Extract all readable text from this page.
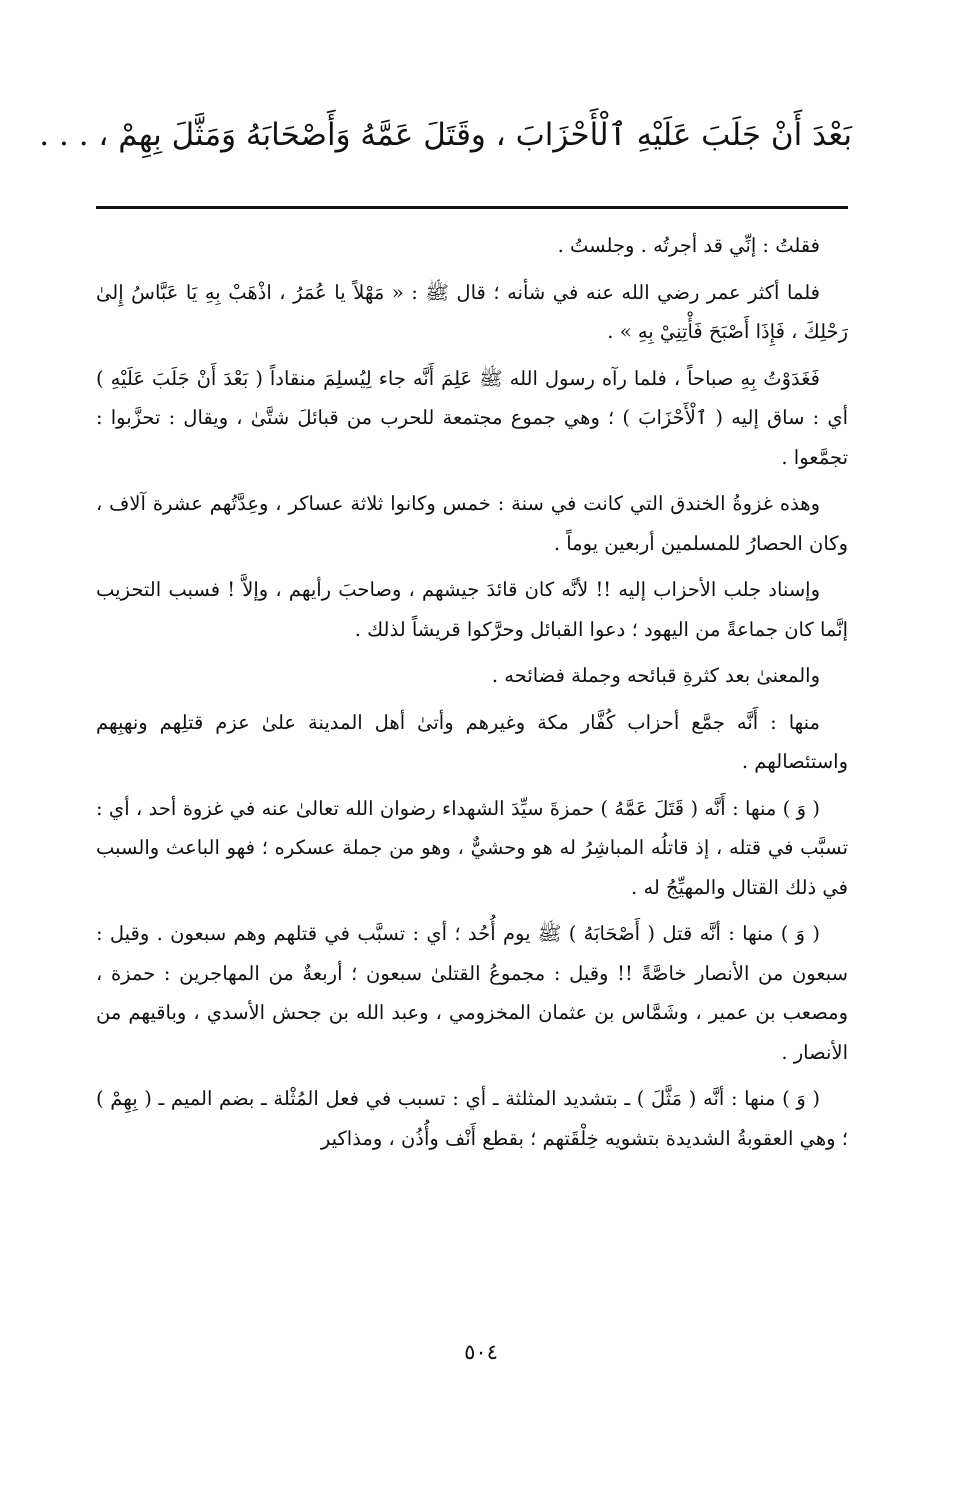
بَعْدَ أَنْ جَلَبَ عَلَيْهِ ٱلْأَحْزَابَ ، وقَتَلَ عَمَّهُ وَأَصْحَابَهُ وَمَثَّلَ بِهِمْ ، . . .

فقلتُ : إنِّي قد أجرتُه . وجلستُ .

فلما أكثر عمر رضي الله عنه في شأنه ؛ قال ﷺ : « مَهْلاً يا عُمَرُ ، اذْهَبْ بِهِ يَا عَبَّاسُ إِلىٰ رَحْلِكَ ، فَإِذَا أَصْبَحَ فَأْتِنِيْ بِهِ » .

فَغَدَوْتُ بِهِ صباحاً ، فلما رآه رسول الله ﷺ عَلِمَ أَنَّه جاء لِيُسلِمَ منقاداً ( بَعْدَ أَنْ جَلَبَ عَلَيْهِ ) أي : ساق إليه ( ٱلْأَحْزَابَ ) ؛ وهي جموع مجتمعة للحرب من قبائلَ شتَّىٰ ، ويقال : تحزَّبوا : تجمَّعوا .

وهذه غزوةُ الخندق التي كانت في سنة : خمس وكانوا ثلاثة عساكر ، وعِدَّتُهم عشرة آلاف ، وكان الحصارُ للمسلمين أربعين يوماً .

وإسناد جلب الأحزاب إليه !! لأنَّه كان قائدَ جيشهم ، وصاحبَ رأيهم ، وإلاَّ ! فسبب التحزيب إنَّما كان جماعةً من اليهود ؛ دعوا القبائل وحرَّكوا قريشاً لذلك .

والمعنىٰ بعد كثرةِ قبائحه وجملة فضائحه .

منها : أَنَّه جمَّع أحزاب كُفَّار مكة وغيرهم وأتىٰ أهل المدينة علىٰ عزم قتلِهم ونهبِهم واستئصالهم .

( وَ ) منها : أَنَّه ( قَتَلَ عَمَّهُ ) حمزةَ سيِّدَ الشهداء رضوان الله تعالىٰ عنه في غزوة أحد ، أي : تسبَّب في قتله ، إذ قاتلُه المباشِرُ له هو وحشيٌّ ، وهو من جملة عسكره ؛ فهو الباعث والسبب في ذلك القتال والمهيِّجُ له .

( وَ ) منها : أنَّه قتل ( أَصْحَابَهُ ) ﷺ يوم أُحُد ؛ أي : تسبَّب في قتلهم وهم سبعون . وقيل : سبعون من الأنصار خاصَّةً !! وقيل : مجموعُ القتلىٰ سبعون ؛ أربعةٌ من المهاجرين : حمزة ، ومصعب بن عمير ، وشَمَّاس بن عثمان المخزومي ، وعبد الله بن جحش الأسدي ، وباقيهم من الأنصار .

( وَ ) منها : أنَّه ( مَثَّلَ ) ـ بتشديد المثلثة ـ أي : تسبب في فعل المُثْلة ـ بضم الميم ـ ( بِهِمْ ) ؛ وهي العقوبةُ الشديدة بتشويه خِلْقَتهم ؛ بقطع أَنْف وأُذُن ، ومذاكير

٥٠٤
